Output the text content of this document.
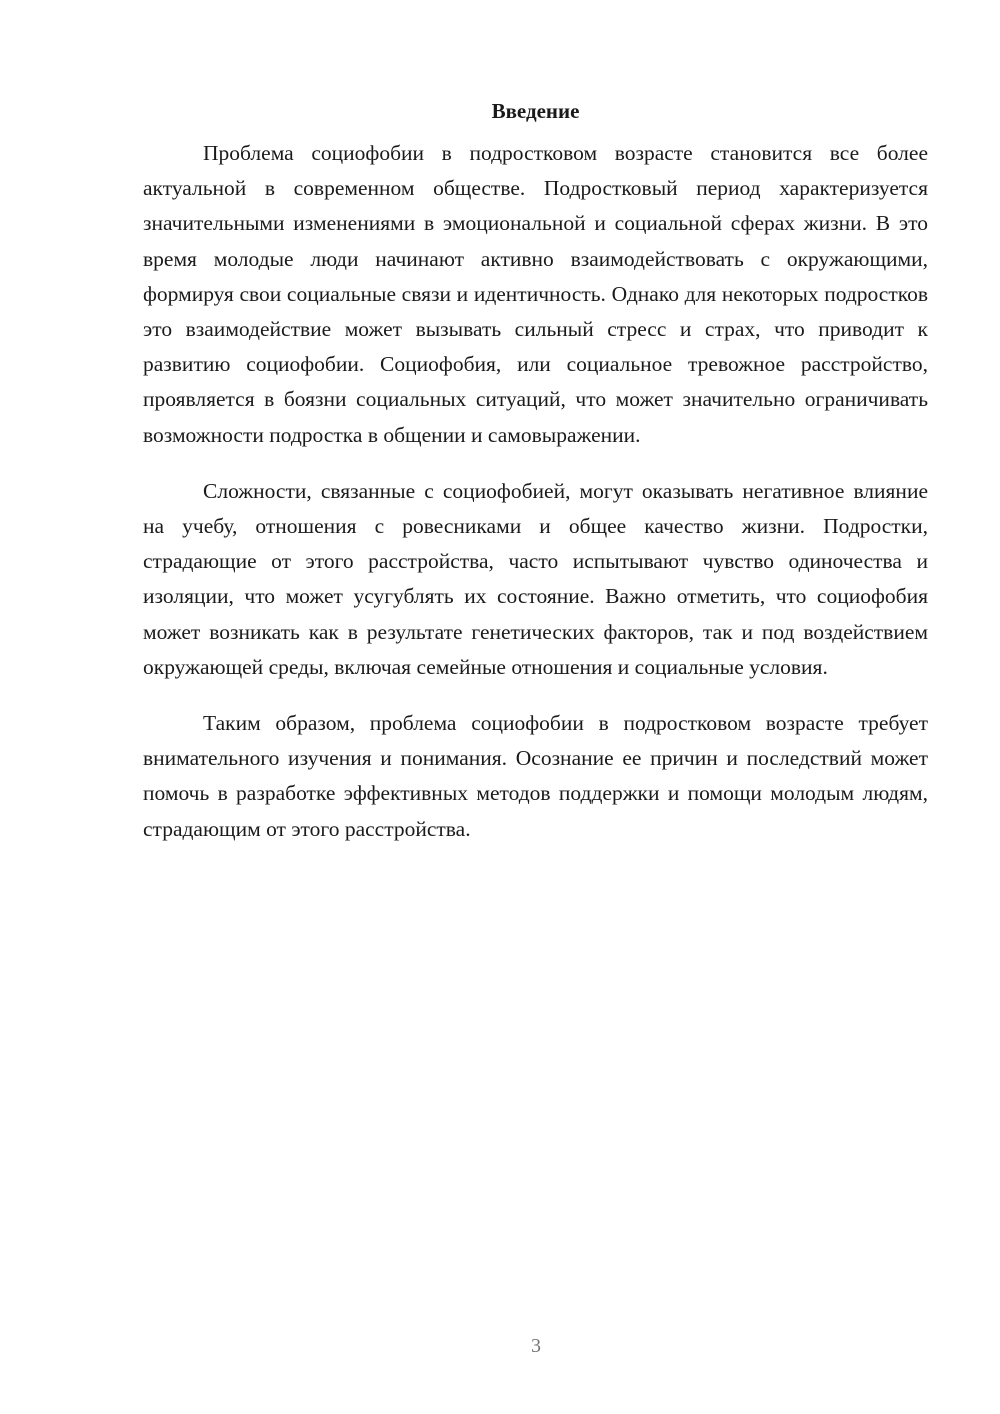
Введение

Проблема социофобии в подростковом возрасте становится все более актуальной в современном обществе. Подростковый период характеризуется значительными изменениями в эмоциональной и социальной сферах жизни. В это время молодые люди начинают активно взаимодействовать с окружающими, формируя свои социальные связи и идентичность. Однако для некоторых подростков это взаимодействие может вызывать сильный стресс и страх, что приводит к развитию социофобии. Социофобия, или социальное тревожное расстройство, проявляется в боязни социальных ситуаций, что может значительно ограничивать возможности подростка в общении и самовыражении.

Сложности, связанные с социофобией, могут оказывать негативное влияние на учебу, отношения с ровесниками и общее качество жизни. Подростки, страдающие от этого расстройства, часто испытывают чувство одиночества и изоляции, что может усугублять их состояние. Важно отметить, что социофобия может возникать как в результате генетических факторов, так и под воздействием окружающей среды, включая семейные отношения и социальные условия.

Таким образом, проблема социофобии в подростковом возрасте требует внимательного изучения и понимания. Осознание ее причин и последствий может помочь в разработке эффективных методов поддержки и помощи молодым людям, страдающим от этого расстройства.

3
